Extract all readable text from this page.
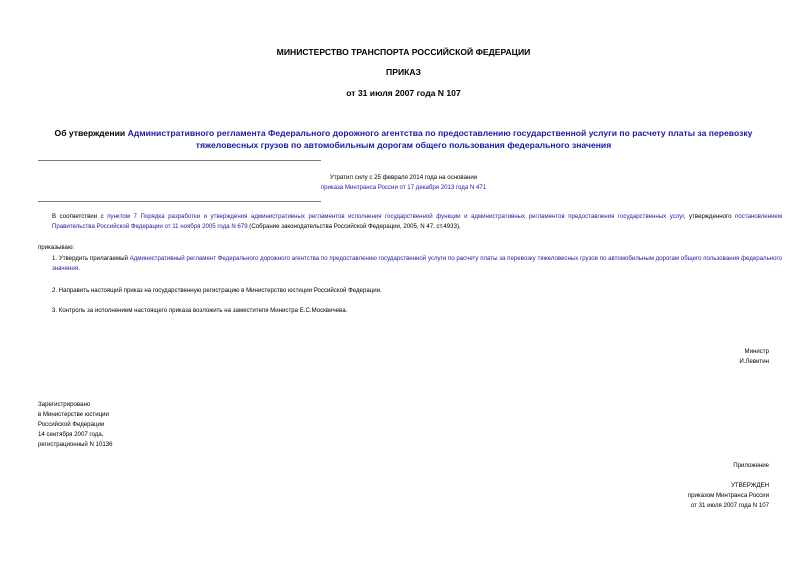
МИНИСТЕРСТВО ТРАНСПОРТА РОССИЙСКОЙ ФЕДЕРАЦИИ
ПРИКАЗ
от 31 июля 2007 года N 107
Об утверждении Административного регламента Федерального дорожного агентства по предоставлению государственной услуги по расчету платы за перевозку тяжеловесных грузов по автомобильным дорогам общего пользования федерального значения
Утратил силу с 25 февраля 2014 года на основании
приказа Минтранса России от 17 декабря 2013 года N 471
В соответствии с пунктом 7 Порядка разработки и утверждения административных регламентов исполнения государственной функции и административных регламентов предоставления государственных услуг, утвержденного постановлением Правительства Российской Федерации от 11 ноября 2005 года N 679 (Собрание законодательства Российской Федерации, 2005, N 47, ст.4933),
приказываю:
1. Утвердить прилагаемый Административный регламент Федерального дорожного агентства по предоставлению государственной услуги по расчету платы за перевозку тяжеловесных грузов по автомобильным дорогам общего пользования федерального значения.
2. Направить настоящий приказ на государственную регистрацию в Министерство юстиции Российской Федерации.
3. Контроль за исполнением настоящего приказа возложить на заместителя Министра Е.С.Москвичева.
Министр
И.Левитин
Зарегистрировано
в Министерстве юстиции
Российской Федерации
14 сентября 2007 года,
регистрационный N 10136
Приложение
УТВЕРЖДЕН
приказом Минтранса России
от 31 июля 2007 года N 107
